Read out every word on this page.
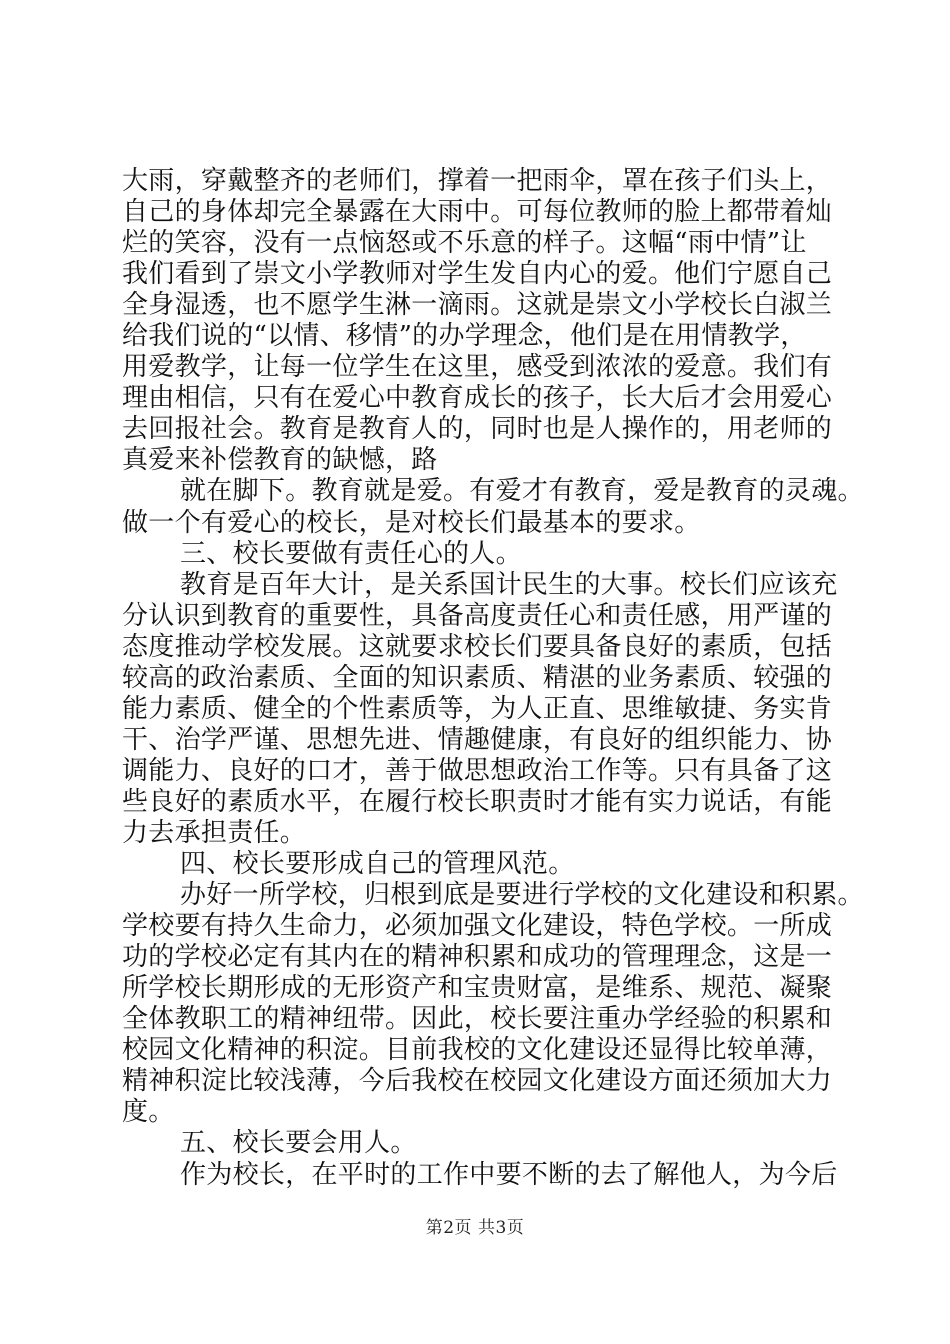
大雨，穿戴整齐的老师们，撑着一把雨伞，罩在孩子们头上，
自己的身体却完全暴露在大雨中。可每位教师的脸上都带着灿
烂的笑容，没有一点恼怒或不乐意的样子。这幅“雨中情”让
我们看到了崇文小学教师对学生发自内心的爱。他们宁愿自己
全身湿透，也不愿学生淋一滴雨。这就是崇文小学校长白淑兰
给我们说的“以情、移情”的办学理念，他们是在用情教学，
用爱教学，让每一位学生在这里，感受到浓浓的爱意。我们有
理由相信，只有在爱心中教育成长的孩子，长大后才会用爱心
去回报社会。教育是教育人的，同时也是人操作的，用老师的
真爱来补偿教育的缺憾，路
就在脚下。教育就是爱。有爱才有教育，爱是教育的灵魂。
做一个有爱心的校长，是对校长们最基本的要求。
三、校长要做有责任心的人。
教育是百年大计，是关系国计民生的大事。校长们应该充
分认识到教育的重要性，具备高度责任心和责任感，用严谨的
态度推动学校发展。这就要求校长们要具备良好的素质，包括
较高的政治素质、全面的知识素质、精湛的业务素质、较强的
能力素质、健全的个性素质等，为人正直、思维敏捷、务实肯
干、治学严谨、思想先进、情趣健康，有良好的组织能力、协
调能力、良好的口才，善于做思想政治工作等。只有具备了这
些良好的素质水平，在履行校长职责时才能有实力说话，有能
力去承担责任。
四、校长要形成自己的管理风范。
办好一所学校，归根到底是要进行学校的文化建设和积累。
学校要有持久生命力，必须加强文化建设，特色学校。一所成
功的学校必定有其内在的精神积累和成功的管理理念，这是一
所学校长期形成的无形资产和宝贵财富，是维系、规范、凝聚
全体教职工的精神纽带。因此，校长要注重办学经验的积累和
校园文化精神的积淀。目前我校的文化建设还显得比较单薄，
精神积淀比较浅薄，今后我校在校园文化建设方面还须加大力
度。
五、校长要会用人。
作为校长，在平时的工作中要不断的去了解他人，为今后
第2页 共3页
